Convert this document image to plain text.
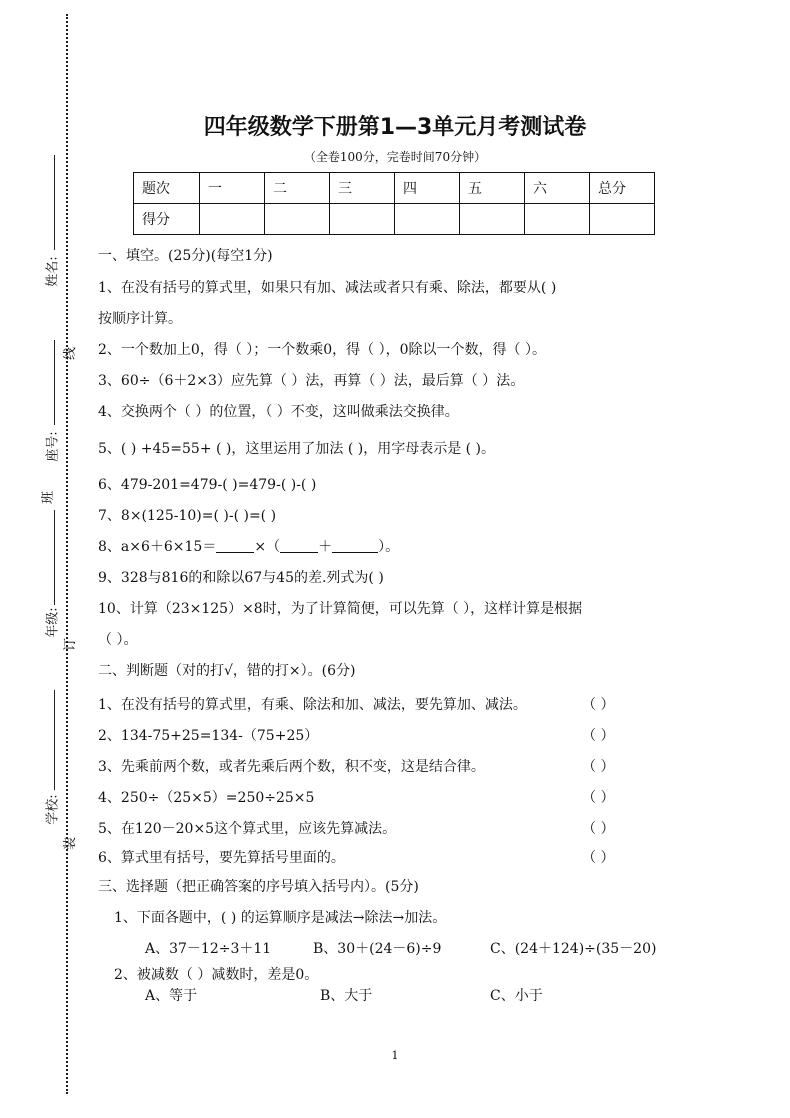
姓名:
线
座号:
班
年级:
订
学校:
装
四年级数学下册第1—3单元月考测试卷
（全卷100分，完卷时间70分钟）
题次	一	二	三	四	五	六	总分
得分							
一、填空。(25分)(每空1分)
1、在没有括号的算式里，如果只有加、减法或者只有乘、除法，都要从( )
按顺序计算。
2、一个数加上0，得（ ）；一个数乘0，得（ ），0除以一个数，得（ ）。
3、60÷（6＋2×3）应先算（ ）法，再算（ ）法，最后算（ ）法。
4、交换两个（ ）的位置，（ ）不变，这叫做乘法交换律。
5、( ) +45=55+ ( )，这里运用了加法 ( )，用字母表示是 ( )。
6、479-201=479-( )=479-( )-( )
7、8×(125-10)=( )-( )=( )
8、a×6＋6×15＝	×（	＋	）。
9、328与816的和除以67与45的差.列式为( )
10、计算（23×125）×8时，为了计算简便，可以先算（ ），这样计算是根据
（ ）。
二、判断题（对的打√，错的打×）。(6分)
1、在没有括号的算式里，有乘、除法和加、减法，要先算加、减法。	（ ）
2、134-75+25=134-（75+25）	（ ）
3、先乘前两个数，或者先乘后两个数，积不变，这是结合律。	（ ）
4、250÷（25×5）=250÷25×5	（ ）
5、在120－20×5这个算式里，应该先算减法。	（ ）
6、算式里有括号，要先算括号里面的。	（ ）
三、选择题（把正确答案的序号填入括号内）。(5分)
1、下面各题中，( ) 的运算顺序是减法→除法→加法。
A、37－12÷3＋11	B、30＋(24－6)÷9	C、(24＋124)÷(35－20)
2、被减数（ ）减数时，差是0。
A、等于	B、大于	C、小于
1
